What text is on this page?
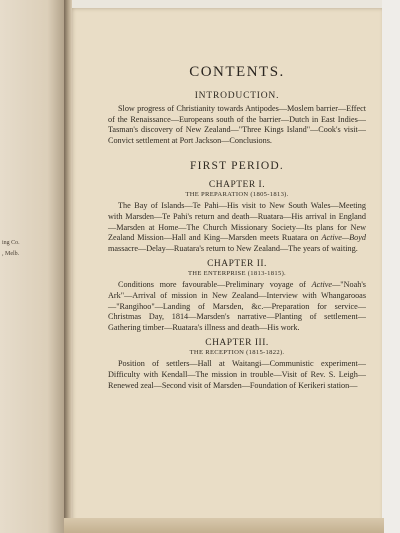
ing Co.
, Melb.
CONTENTS.
INTRODUCTION.

Slow progress of Christianity towards Antipodes—Moslem barrier—Effect of the Renaissance—Europeans south of the barrier—Dutch in East Indies—Tasman's discovery of New Zealand—"Three Kings Island"—Cook's visit—Convict settlement at Port Jackson—Conclusions.

FIRST PERIOD.
CHAPTER I.
THE PREPARATION (1805-1813).

The Bay of Islands—Te Pahi—His visit to New South Wales—Meeting with Marsden—Te Pahi's return and death—Ruatara—His arrival in England—Marsden at Home—The Church Missionary Society—Its plans for New Zealand Mission—Hall and King—Marsden meets Ruatara on Active—Boyd massacre—Delay—Ruatara's return to New Zealand—The years of waiting.

CHAPTER II.
THE ENTERPRISE (1813-1815).

Conditions more favourable—Preliminary voyage of Active—"Noah's Ark"—Arrival of mission in New Zealand—Interview with Whangarooas—"Rangihoo"—Landing of Marsden, &c.—Preparation for service—Christmas Day, 1814—Marsden's narrative—Planting of settlement—Gathering timber—Ruatara's illness and death—His work.

CHAPTER III.
THE RECEPTION (1815-1822).

Position of settlers—Hall at Waitangi—Communistic experiment—Difficulty with Kendall—The mission in trouble—Visit of Rev. S. Leigh—Renewed zeal—Second visit of Marsden—Foundation of Kerikeri station—
